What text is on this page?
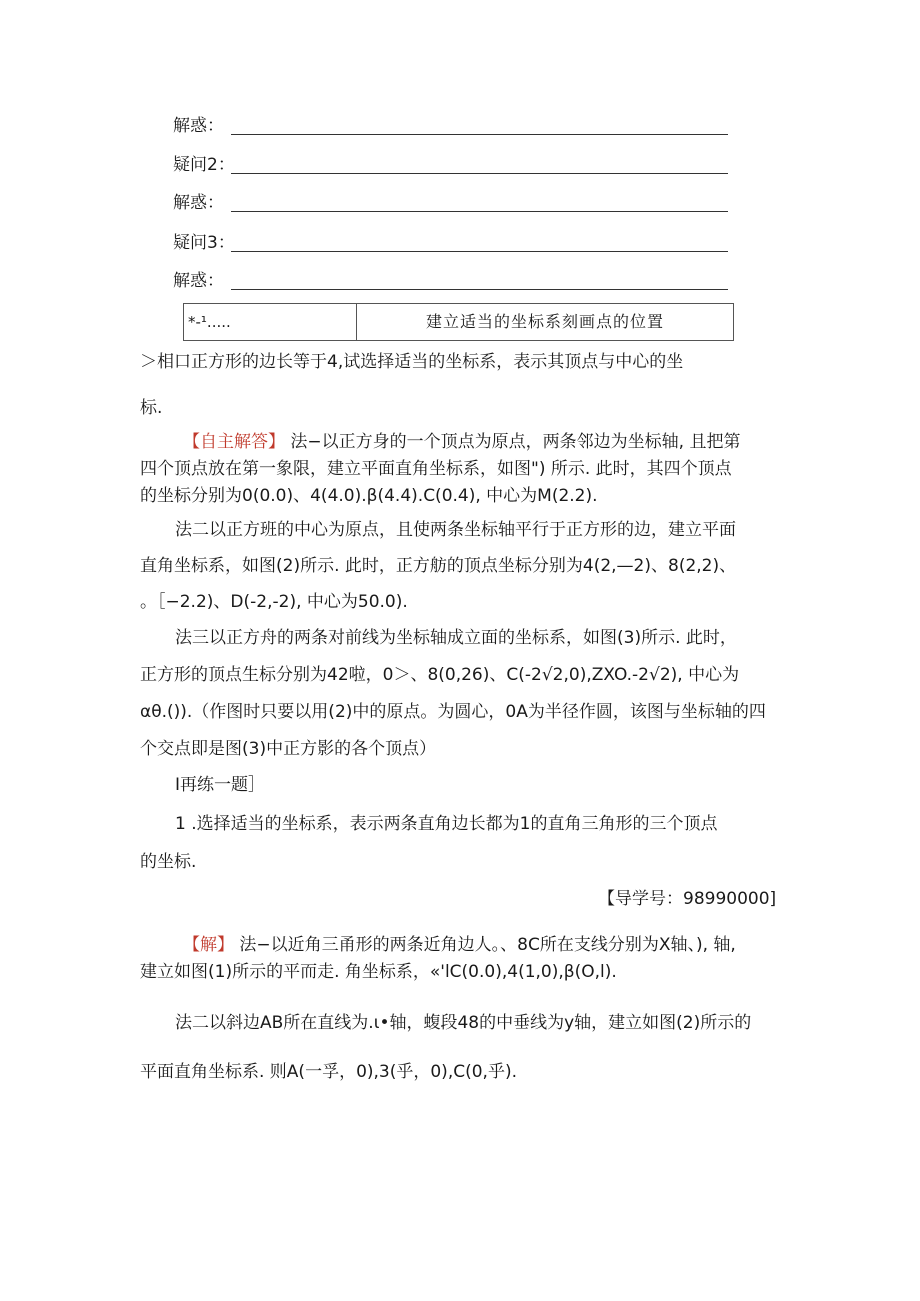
解惑：
疑问2：
解惑：
疑问3：
解惑：
*-¹.....	建立适当的坐标系刻画点的位置
＞相口正方形的边长等于4,试选择适当的坐标系，表示其顶点与中心的坐
标.
【自主解答】 法−以正方身的一个顶点为原点，两条邻边为坐标轴, 且把第
四个顶点放在第一象限，建立平面直角坐标系，如图") 所示. 此时，其四个顶点
的坐标分别为0(0.0)、4(4.0).β(4.4).C(0.4), 中心为M(2.2).
法二以正方班的中心为原点，且使两条坐标轴平行于正方形的边，建立平面
直角坐标系，如图(2)所示. 此时，正方舫的顶点坐标分别为4(2,—2)、8(2,2)、
。［−2.2)、D(-2,-2), 中心为50.0).
法三以正方舟的两条对前线为坐标轴成立面的坐标系，如图(3)所示. 此时，
正方形的顶点生标分别为42啦，0＞、8(0,26)、C(-2√2,0),ZXO.-2√2), 中心为
αθ.()).（作图时只要以用(2)中的原点。为圆心，0A为半径作圆，该图与坐标轴的四
个交点即是图(3)中正方影的各个顶点）
I再练一题］
1 .选择适当的坐标系，表示两条直角边长都为1的直角三角形的三个顶点
的坐标.
【导学号：98990000]
【解】 法−以近角三甬形的两条近角边人。、8C所在支线分别为X轴、), 轴,
建立如图(1)所示的平而走. 角坐标系，«'lC(0.0),4(1,0),β(O,l).
法二以斜边AB所在直线为.ι•轴，蝮段48的中垂线为y轴，建立如图(2)所示的
平面直角坐标系. 则A(一孚，0),3(乎，0),C(0,乎).
